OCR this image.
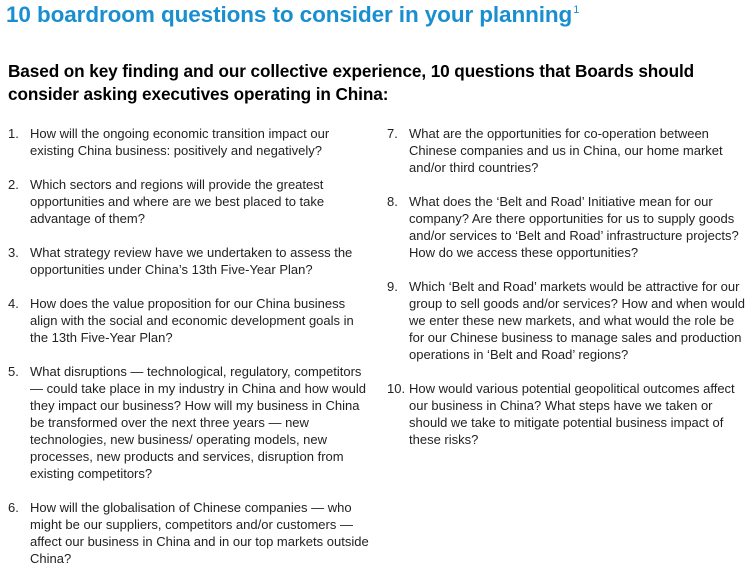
10 boardroom questions to consider in your planning$^1$
Based on key finding and our collective experience, 10 questions that Boards should consider asking executives operating in China:
1. How will the ongoing economic transition impact our existing China business: positively and negatively?
2. Which sectors and regions will provide the greatest opportunities and where are we best placed to take advantage of them?
3. What strategy review have we undertaken to assess the opportunities under China’s 13th Five-Year Plan?
4. How does the value proposition for our China business align with the social and economic development goals in the 13th Five-Year Plan?
5. What disruptions — technological, regulatory, competitors — could take place in my industry in China and how would they impact our business? How will my business in China be transformed over the next three years — new technologies, new business/ operating models, new processes, new products and services, disruption from existing competitors?
6. How will the globalisation of Chinese companies — who might be our suppliers, competitors and/or customers — affect our business in China and in our top markets outside China?
7. What are the opportunities for co-operation between Chinese companies and us in China, our home market and/or third countries?
8. What does the ‘Belt and Road’ Initiative mean for our company? Are there opportunities for us to supply goods and/or services to ‘Belt and Road’ infrastructure projects? How do we access these opportunities?
9. Which ‘Belt and Road’ markets would be attractive for our group to sell goods and/or services? How and when would we enter these new markets, and what would the role be for our Chinese business to manage sales and production operations in ‘Belt and Road’ regions?
10. How would various potential geopolitical outcomes affect our business in China? What steps have we taken or should we take to mitigate potential business impact of these risks?
